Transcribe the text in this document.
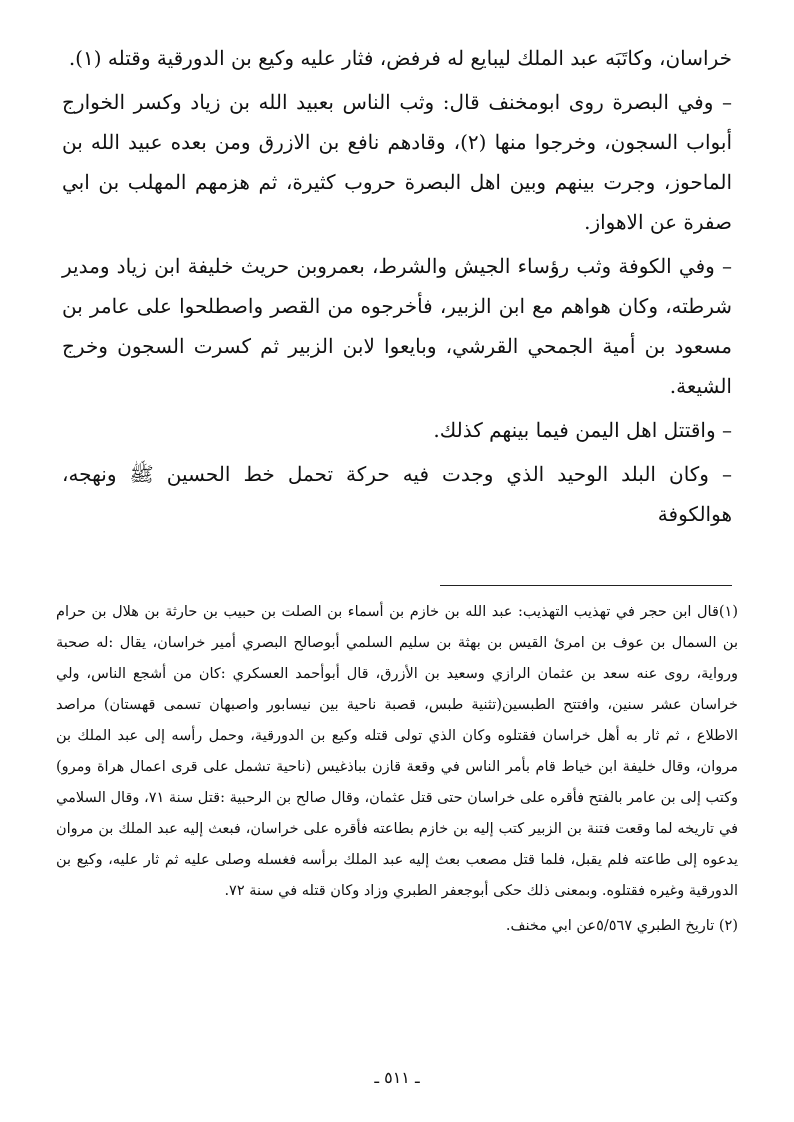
خراسان، وكاتَبَه عبد الملك ليبايع له فرفض، فثار عليه وكيع بن الدورقية وقتله (١).

– وفي البصرة روى ابومخنف قال: وثب الناس بعبيد الله بن زياد وكسر الخوارج أبواب السجون، وخرجوا منها (٢)، وقادهم نافع بن الازرق ومن بعده عبيد الله بن الماحوز، وجرت بينهم وبين اهل البصرة حروب كثيرة، ثم هزمهم المهلب بن ابي صفرة عن الاهواز.

– وفي الكوفة وثب رؤساء الجيش والشرط، بعمروبن حريث خليفة ابن زياد ومدير شرطته، وكان هواهم مع ابن الزبير، فأخرجوه من القصر واصطلحوا على عامر بن مسعود بن أمية الجمحي القرشي، وبايعوا لابن الزبير ثم كسرت السجون وخرج الشيعة.

– واقتتل اهل اليمن فيما بينهم كذلك.

– وكان البلد الوحيد الذي وجدت فيه حركة تحمل خط الحسين ﷺ ونهجه، هوالكوفة

(١)قال ابن حجر في تهذيب التهذيب: عبد الله بن خازم بن أسماء بن الصلت بن حبيب بن حارثة بن هلال بن حرام بن السمال بن عوف بن امرئ القيس بن بهثة بن سليم السلمي أبوصالح البصري أمير خراسان، يقال :له صحبة ورواية، روى عنه سعد بن عثمان الرازي وسعيد بن الأزرق، قال أبوأحمد العسكري :كان من أشجع الناس، ولي خراسان عشر سنين، وافتتح الطبسين(تثنية طبس، قصبة ناحية بين نيسابور واصبهان تسمى قهستان) مراصد الاطلاع ، ثم ثار به أهل خراسان فقتلوه وكان الذي تولى قتله وكيع بن الدورقية، وحمل رأسه إلى عبد الملك بن مروان، وقال خليفة ابن خياط قام بأمر الناس في وقعة قازن بباذغيس (ناحية تشمل على قرى اعمال هراة ومرو) وكتب إلى بن عامر بالفتح فأقره على خراسان حتى قتل عثمان، وقال صالح بن الرحبية :قتل سنة ٧١، وقال السلامي في تاريخه لما وقعت فتنة بن الزبير كتب إليه بن خازم بطاعته فأقره على خراسان، فبعث إليه عبد الملك بن مروان يدعوه إلى طاعته فلم يقبل، فلما قتل مصعب بعث إليه عبد الملك برأسه فغسله وصلى عليه ثم ثار عليه، وكيع بن الدورقية وغيره فقتلوه. وبمعنى ذلك حكى أبوجعفر الطبري وزاد وكان قتله في سنة ٧٢.

(٢) تاريخ الطبري ٥/٥٦٧عن ابي مخنف.

ـ ٥١١ ـ
